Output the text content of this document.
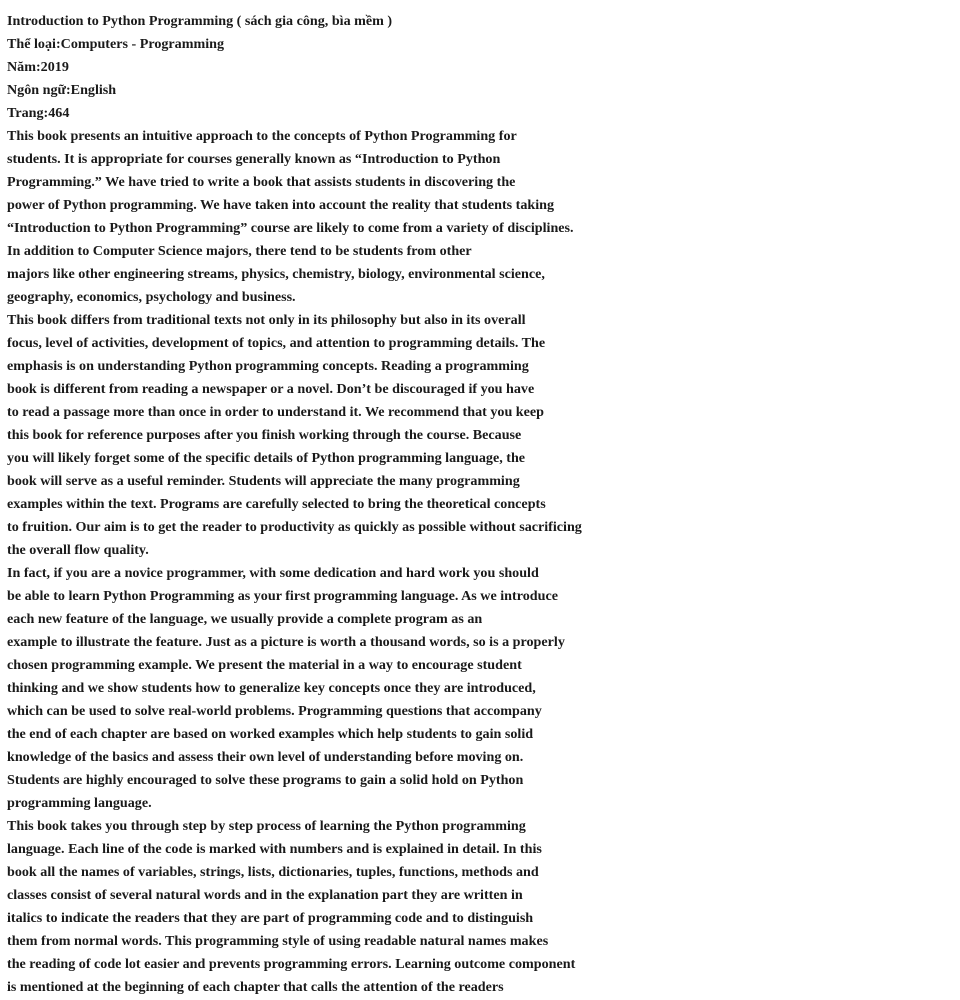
Introduction to Python Programming ( sách gia công, bìa mềm )
Thể loại:Computers - Programming
Năm:2019
Ngôn ngữ:English
Trang:464
This book presents an intuitive approach to the concepts of Python Programming for
students. It is appropriate for courses generally known as “Introduction to Python
Programming.” We have tried to write a book that assists students in discovering the
power of Python programming. We have taken into account the reality that students taking
“Introduction to Python Programming” course are likely to come from a variety of disciplines.
In addition to Computer Science majors, there tend to be students from other
majors like other engineering streams, physics, chemistry, biology, environmental science,
geography, economics, psychology and business.
This book differs from traditional texts not only in its philosophy but also in its overall
focus, level of activities, development of topics, and attention to programming details. The
emphasis is on understanding Python programming concepts. Reading a programming
book is different from reading a newspaper or a novel. Don’t be discouraged if you have
to read a passage more than once in order to understand it. We recommend that you keep
this book for reference purposes after you finish working through the course. Because
you will likely forget some of the specific details of Python programming language, the
book will serve as a useful reminder. Students will appreciate the many programming
examples within the text. Programs are carefully selected to bring the theoretical concepts
to fruition. Our aim is to get the reader to productivity as quickly as possible without sacrificing
the overall flow quality.
In fact, if you are a novice programmer, with some dedication and hard work you should
be able to learn Python Programming as your first programming language. As we introduce
each new feature of the language, we usually provide a complete program as an
example to illustrate the feature. Just as a picture is worth a thousand words, so is a properly
chosen programming example. We present the material in a way to encourage student
thinking and we show students how to generalize key concepts once they are introduced,
which can be used to solve real-world problems. Programming questions that accompany
the end of each chapter are based on worked examples which help students to gain solid
knowledge of the basics and assess their own level of understanding before moving on.
Students are highly encouraged to solve these programs to gain a solid hold on Python
programming language.
This book takes you through step by step process of learning the Python programming
language. Each line of the code is marked with numbers and is explained in detail. In this
book all the names of variables, strings, lists, dictionaries, tuples, functions, methods and
classes consist of several natural words and in the explanation part they are written in
italics to indicate the readers that they are part of programming code and to distinguish
them from normal words. This programming style of using readable natural names makes
the reading of code lot easier and prevents programming errors. Learning outcome component
is mentioned at the beginning of each chapter that calls the attention of the readers
